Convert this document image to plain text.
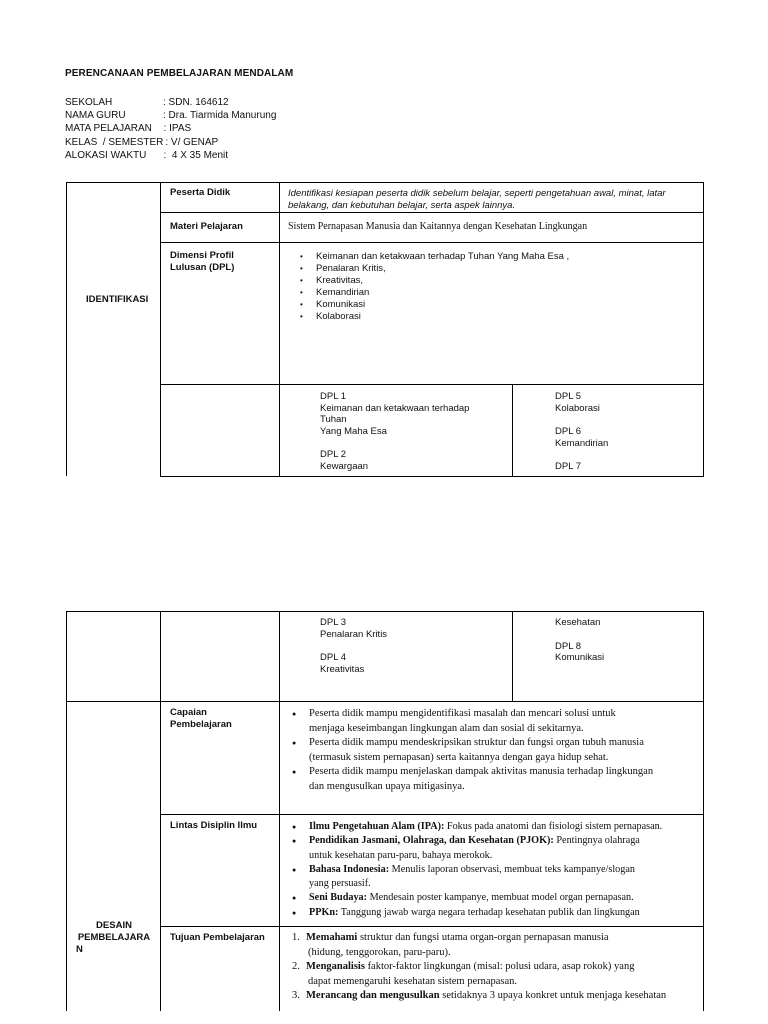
PERENCANAAN PEMBELAJARAN MENDALAM
SEKOLAH	: SDN. 164612
NAMA GURU	: Dra. Tiarmida Manurung
MATA PELAJARAN : IPAS
KELAS  / SEMESTER : V/ GENAP
ALOKASI WAKTU	:  4 X 35 Menit
IDENTIFIKASI
Peserta Didik	Identifikasi kesiapan peserta didik sebelum belajar, seperti pengetahuan awal, minat, latar belakang, dan kebutuhan belajar, serta aspek lainnya.
Materi Pelajaran	Sistem Pernapasan Manusia dan Kaitannya dengan Kesehatan Lingkungan
Dimensi Profil Lulusan (DPL)
• Keimanan dan ketakwaan terhadap Tuhan Yang Maha Esa ,
• Penalaran Kritis,
• Kreativitas,
• Kemandirian
• Komunikasi
• Kolaborasi
DPL 1
Keimanan dan ketakwaan terhadap
Tuhan
Yang Maha Esa
DPL 2
Kewargaan
DPL 5
Kolaborasi
DPL 6
Kemandirian
DPL 7
DPL 3
Penalaran Kritis
DPL 4
Kreativitas
Kesehatan
DPL 8
Komunikasi
DESAIN
PEMBELAJARA
N
Capaian Pembelajaran
● Peserta didik mampu mengidentifikasi masalah dan mencari solusi untuk
menjaga keseimbangan lingkungan alam dan sosial di sekitarnya.
● Peserta didik mampu mendeskripsikan struktur dan fungsi organ tubuh manusia
(termasuk sistem pernapasan) serta kaitannya dengan gaya hidup sehat.
● Peserta didik mampu menjelaskan dampak aktivitas manusia terhadap lingkungan
dan mengusulkan upaya mitigasinya.
Lintas Disiplin Ilmu
●	Ilmu Pengetahuan Alam (IPA): Fokus pada anatomi dan fisiologi sistem pernapasan.
● Pendidikan Jasmani, Olahraga, dan Kesehatan (PJOK): Pentingnya olahraga
untuk kesehatan paru-paru, bahaya merokok.
● Bahasa Indonesia: Menulis laporan observasi, membuat teks kampanye/slogan
yang persuasif.
● Seni Budaya: Mendesain poster kampanye, membuat model organ pernapasan.
● PPKn: Tanggung jawab warga negara terhadap kesehatan publik dan lingkungan
Tujuan Pembelajaran	1. Memahami struktur dan fungsi utama organ-organ pernapasan manusia
(hidung, tenggorokan, paru-paru).
2. Menganalisis faktor-faktor lingkungan (misal: polusi udara, asap rokok) yang
dapat memengaruhi kesehatan sistem pernapasan.
3. Merancang dan mengusulkan setidaknya 3 upaya konkret untuk menjaga kesehatan
